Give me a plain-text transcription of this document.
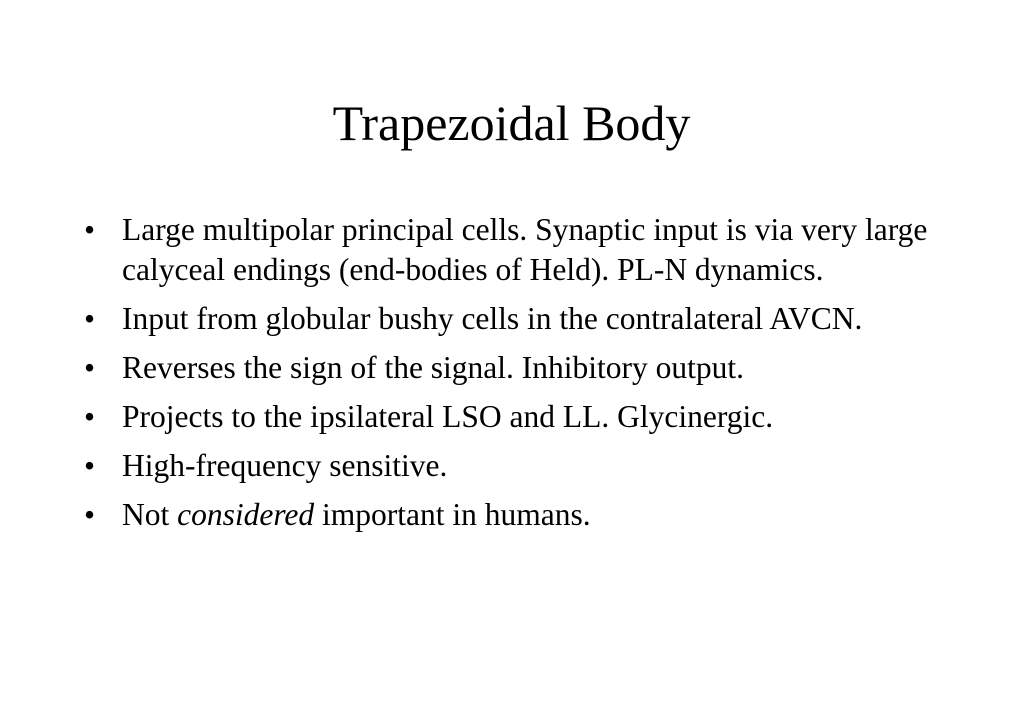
Trapezoidal Body
• Large multipolar principal cells. Synaptic input is via very large calyceal endings (end-bodies of Held). PL-N dynamics.
• Input from globular bushy cells in the contralateral AVCN.
• Reverses the sign of the signal. Inhibitory output.
• Projects to the ipsilateral LSO and LL. Glycinergic.
• High-frequency sensitive.
• Not considered important in humans.
